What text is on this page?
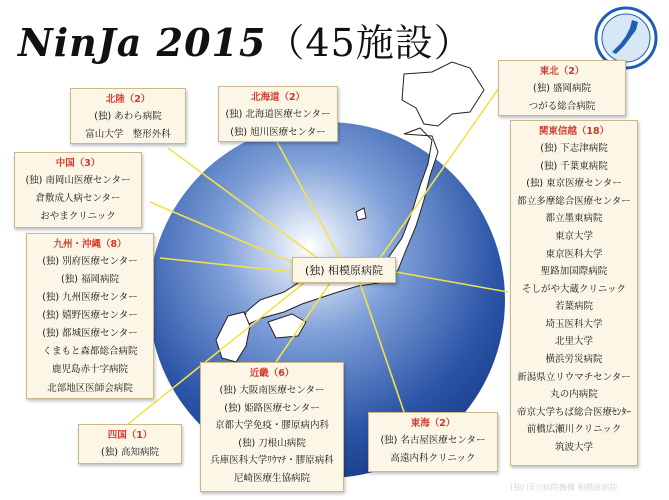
NinJa 2015（45施設）
北陸（2）
(独) あわら病院
富山大学　整形外科
北海道（2）
(独) 北海道医療センター
(独) 旭川医療センター
東北（2）
(独) 盛岡病院
つがる総合病院
中国（3）
(独) 南岡山医療センター
倉敷成人病センター
おやまクリニック
九州・沖縄（8）
(独) 別府医療センター
(独) 福岡病院
(独) 九州医療センター
(独) 嬉野医療センター
(独) 都城医療センター
くまもと森都総合病院
鹿児島赤十字病院
北部地区医師会病院
関東信越（18）
(独) 下志津病院
(独) 千葉東病院
(独) 東京医療センター
都立多摩総合医療センター
都立墨東病院
東京大学
東京医科大学
聖路加国際病院
そしがや大蔵クリニック
若葉病院
埼玉医科大学
北里大学
横浜労災病院
新潟県立リウマチセンター
丸の内病院
帝京大学ちば総合医療ｾﾝﾀｰ
前橋広瀬川クリニック
筑波大学
近畿（6）
(独) 大阪南医療センター
(独) 姫路医療センター
京都大学免疫・膠原病内科
(独) 刀根山病院
兵庫医科大学ﾘｳﾏﾁ・膠原病科
尼崎医療生協病院
四国（1）
(独) 高知病院
東海（2）
(独) 名古屋医療センター
高遠内科クリニック
(独) 相模原病院
(独) 国立病院機構 相模原病院
